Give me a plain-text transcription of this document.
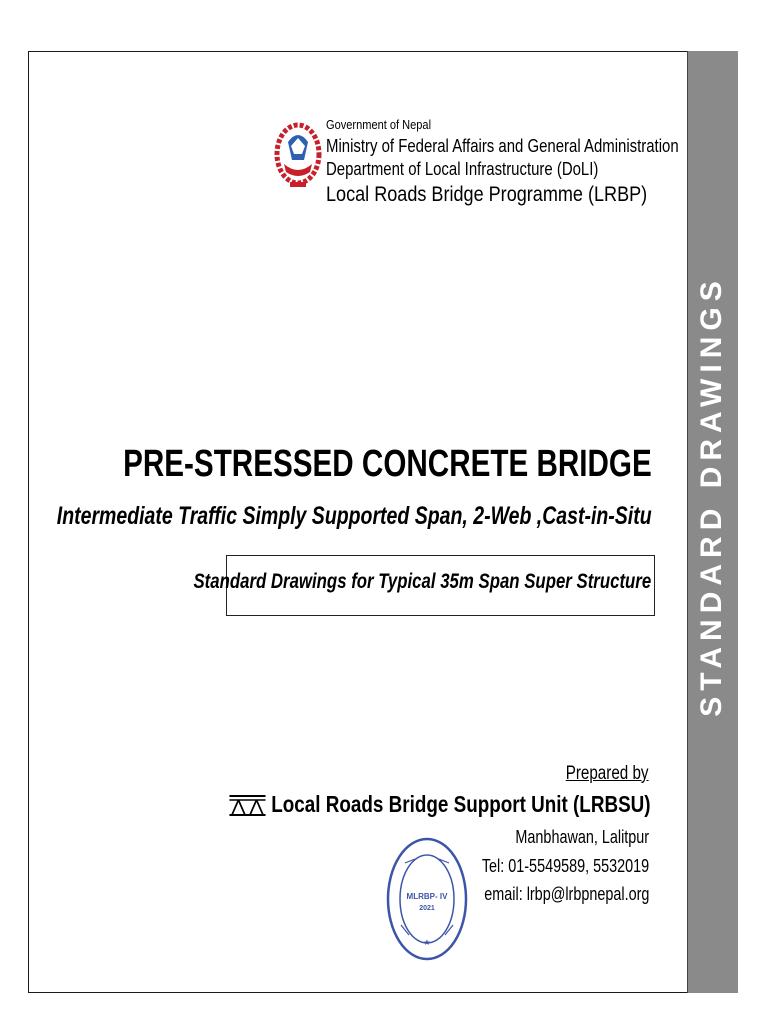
STANDARD DRAWINGS
Government of Nepal
Ministry of Federal Affairs and General Administration
Department of Local Infrastructure (DoLI)
Local Roads Bridge Programme (LRBP)
PRE-STRESSED CONCRETE BRIDGE
Intermediate Traffic Simply Supported Span, 2-Web ,Cast-in-Situ
Standard Drawings for Typical 35m Span Super Structure
Prepared by
Local Roads Bridge Support Unit (LRBSU)
Manbhawan, Lalitpur
Tel: 01-5549589, 5532019
email: lrbp@lrbpnepal.org
MLRBP- IV
2021
★
